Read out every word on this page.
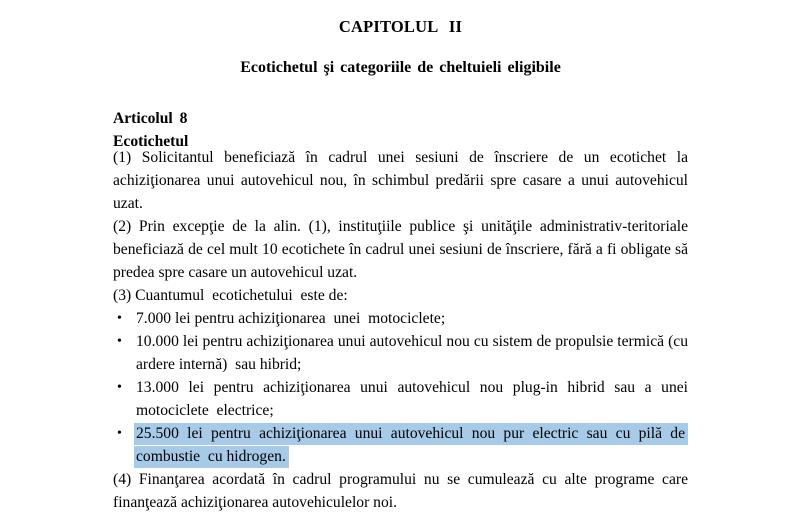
CAPITOLUL II
Ecotichetul şi categoriile de cheltuieli eligibile
Articolul 8
Ecotichetul

(1) Solicitantul beneficiază în cadrul unei sesiuni de înscriere de un ecotichet la achiziţionarea unui autovehicul nou, în schimbul predării spre casare a unui autovehicul uzat.

(2) Prin excepţie de la alin. (1), instituţiile publice şi unităţile administrativ-teritoriale beneficiază de cel mult 10 ecotichete în cadrul unei sesiuni de înscriere, fără a fi obligate să predea spre casare un autovehicul uzat.

(3) Cuantumul  ecotichetului  este de:

• 7.000 lei pentru achiziţionarea  unei  motociclete;
• 10.000 lei pentru achiziţionarea unui autovehicul nou cu sistem de propulsie termică (cu ardere internă)  sau hibrid;
• 13.000 lei pentru achiziţionarea unui autovehicul nou plug-in hibrid sau a unei motociclete  electrice;
• 25.500 lei pentru achiziţionarea unui autovehicul nou pur electric sau cu pilă de combustie  cu hidrogen.

(4) Finanţarea acordată în cadrul programului nu se cumulează cu alte programe care finanţează achiziţionarea autovehiculelor noi.
